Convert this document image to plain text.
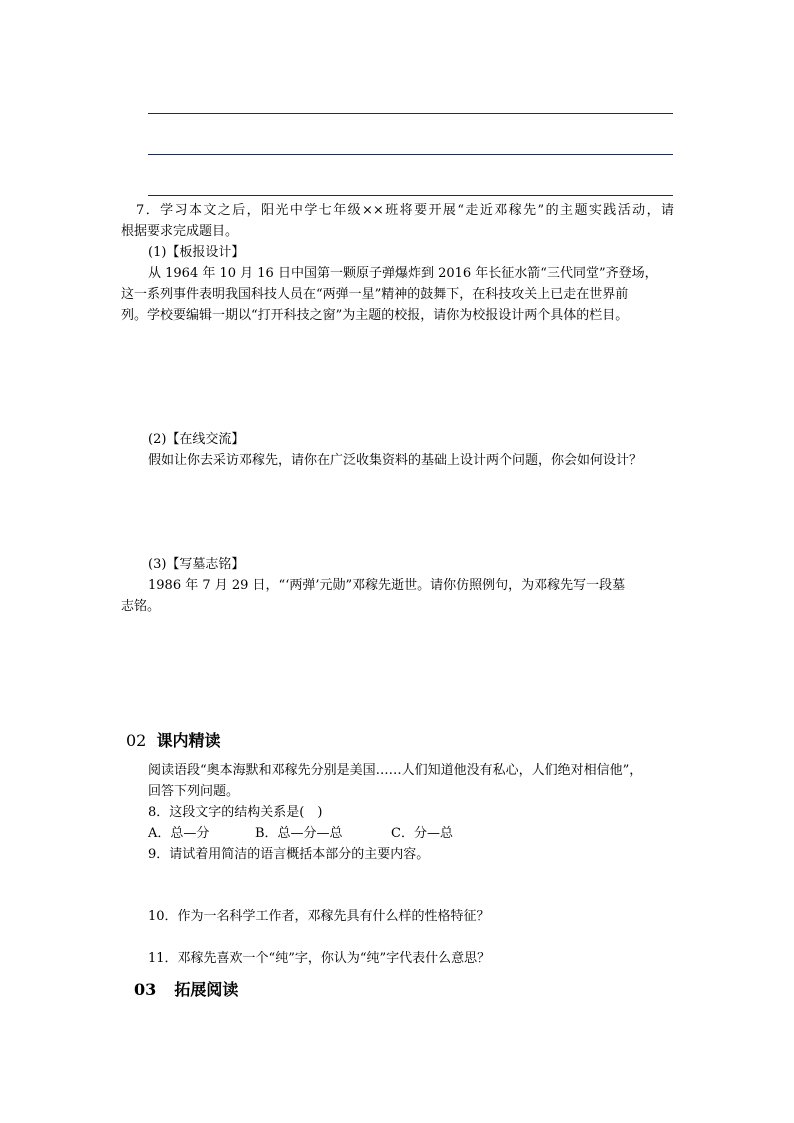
7．学习本文之后，阳光中学七年级××班将要开展“走近邓稼先”的主题实践活动，请
根据要求完成题目。
(1)【板报设计】
从 1964 年 10 月 16 日中国第一颗原子弹爆炸到 2016 年长征水箭“三代同堂”齐登场，
这一系列事件表明我国科技人员在“两弹一星”精神的鼓舞下，在科技攻关上已走在世界前
列。学校要编辑一期以“打开科技之窗”为主题的校报，请你为校报设计两个具体的栏目。
(2)【在线交流】
假如让你去采访邓稼先，请你在广泛收集资料的基础上设计两个问题，你会如何设计？
(3)【写墓志铭】
1986 年 7 月 29 日，“‘两弹’元勋”邓稼先逝世。请你仿照例句，为邓稼先写一段墓
志铭。
02 课内精读
阅读语段“奥本海默和邓稼先分别是美国……人们知道他没有私心，人们绝对相信他”，
回答下列问题。
8．这段文字的结构关系是(　)
A．总—分	B．总—分—总	C．分—总
9．请试着用简洁的语言概括本部分的主要内容。
10．作为一名科学工作者，邓稼先具有什么样的性格特征？
11．邓稼先喜欢一个“纯”字，你认为“纯”字代表什么意思？
03 拓展阅读
